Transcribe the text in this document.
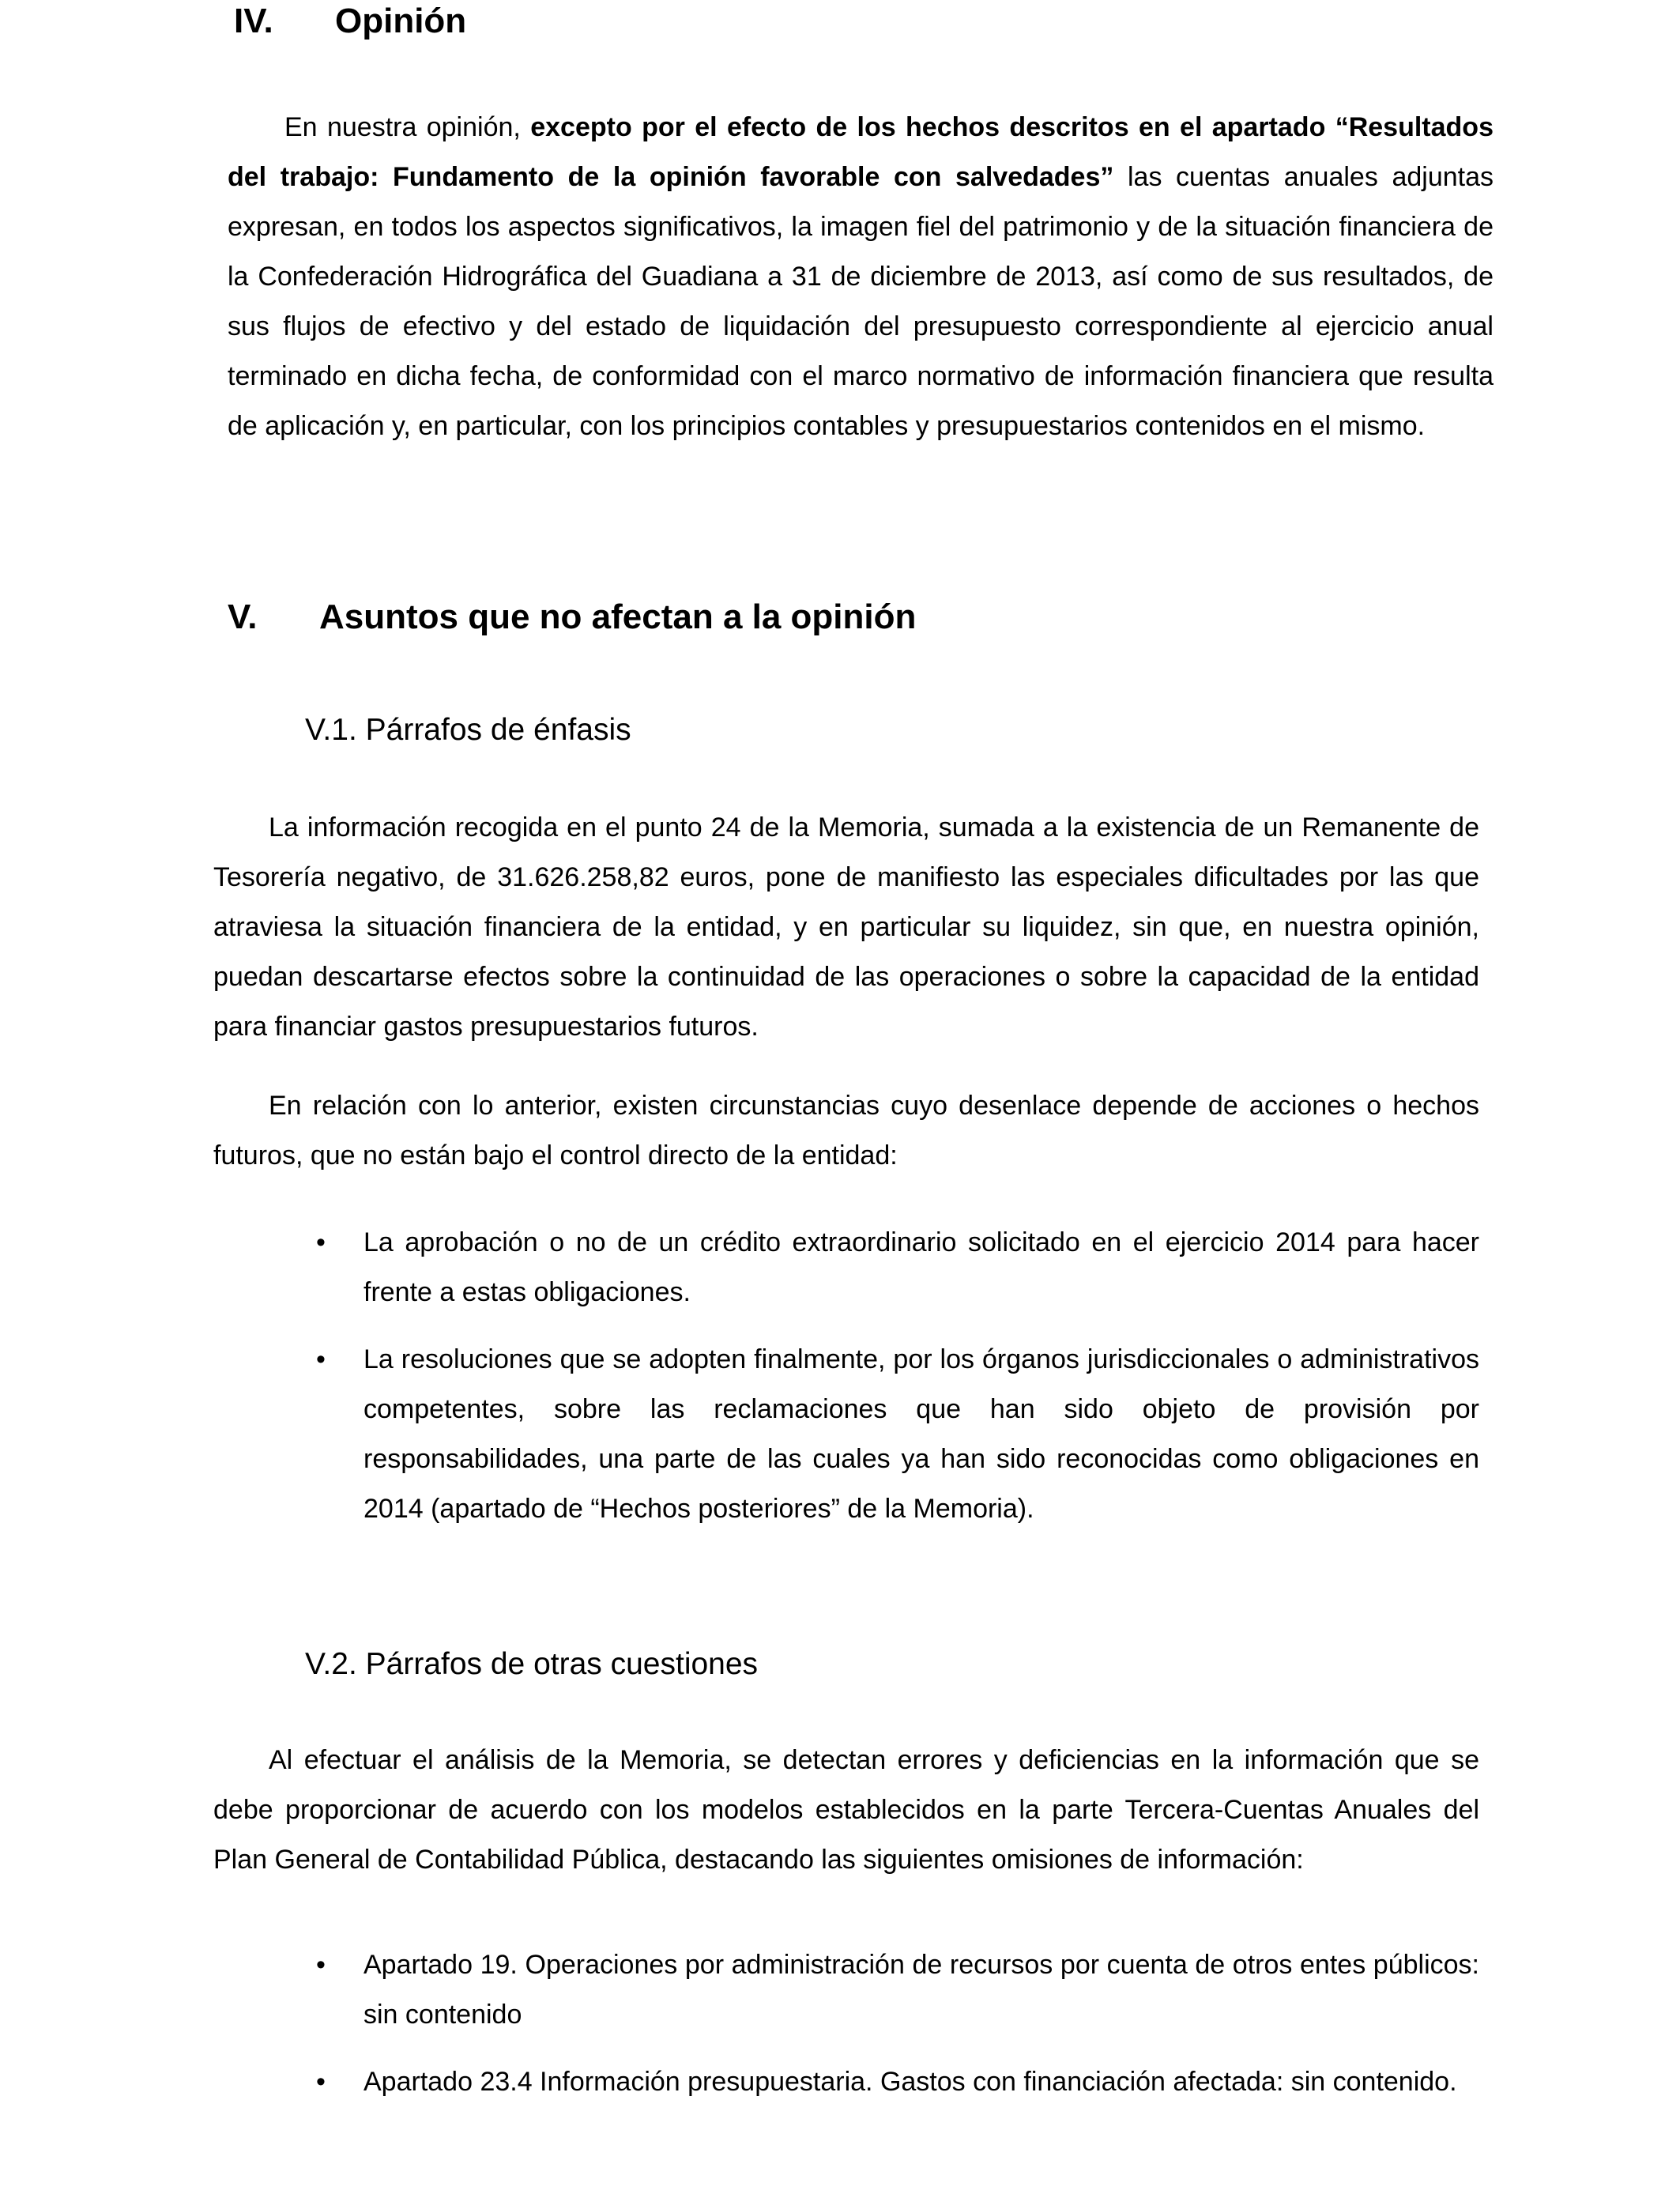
IV. Opinión
En nuestra opinión, excepto por el efecto de los hechos descritos en el apartado “Resultados del trabajo: Fundamento de la opinión favorable con salvedades” las cuentas anuales adjuntas expresan, en todos los aspectos significativos, la imagen fiel del patrimonio y de la situación financiera de la Confederación Hidrográfica del Guadiana a 31 de diciembre de 2013, así como de sus resultados, de sus flujos de efectivo y del estado de liquidación del presupuesto correspondiente al ejercicio anual terminado en dicha fecha, de conformidad con el marco normativo de información financiera que resulta de aplicación y, en particular, con los principios contables y presupuestarios contenidos en el mismo.
V. Asuntos que no afectan a la opinión
V.1. Párrafos de énfasis
La información recogida en el punto 24 de la Memoria, sumada a la existencia de un Remanente de Tesorería negativo, de 31.626.258,82 euros, pone de manifiesto las especiales dificultades por las que atraviesa la situación financiera de la entidad, y en particular su liquidez, sin que, en nuestra opinión, puedan descartarse efectos sobre la continuidad de las operaciones o sobre la capacidad de la entidad para financiar gastos presupuestarios futuros.
En relación con lo anterior, existen circunstancias cuyo desenlace depende de acciones o hechos futuros, que no están bajo el control directo de la entidad:
• La aprobación o no de un crédito extraordinario solicitado en el ejercicio 2014 para hacer frente a estas obligaciones.
• La resoluciones que se adopten finalmente, por los órganos jurisdiccionales o administrativos competentes, sobre las reclamaciones que han sido objeto de provisión por responsabilidades, una parte de las cuales ya han sido reconocidas como obligaciones en 2014 (apartado de “Hechos posteriores” de la Memoria).
V.2. Párrafos de otras cuestiones
Al efectuar el análisis de la Memoria, se detectan errores y deficiencias en la información que se debe proporcionar de acuerdo con los modelos establecidos en la parte Tercera-Cuentas Anuales del Plan General de Contabilidad Pública, destacando las siguientes omisiones de información:
• Apartado 19. Operaciones por administración de recursos por cuenta de otros entes públicos: sin contenido
• Apartado 23.4 Información presupuestaria. Gastos con financiación afectada: sin contenido.
